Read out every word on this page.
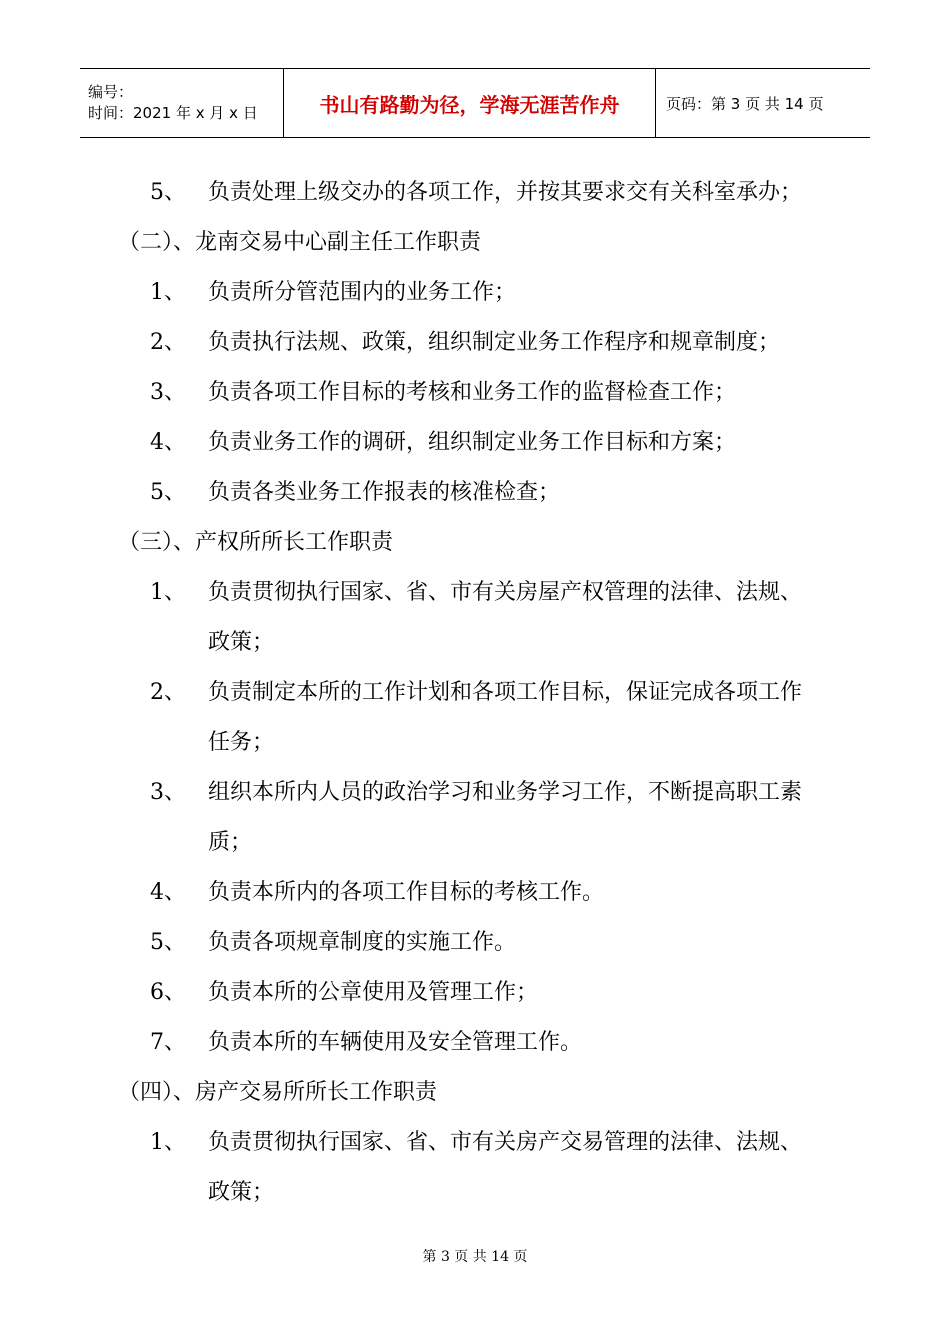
编号：
时间：2021 年 x 月 x 日	书山有路勤为径，学海无涯苦作舟	页码：第 3 页 共 14 页
5、 负责处理上级交办的各项工作，并按其要求交有关科室承办；
（二）、龙南交易中心副主任工作职责
1、 负责所分管范围内的业务工作；
2、 负责执行法规、政策，组织制定业务工作程序和规章制度；
3、 负责各项工作目标的考核和业务工作的监督检查工作；
4、 负责业务工作的调研，组织制定业务工作目标和方案；
5、 负责各类业务工作报表的核准检查；
（三）、产权所所长工作职责
1、 负责贯彻执行国家、省、市有关房屋产权管理的法律、法规、
政策；
2、 负责制定本所的工作计划和各项工作目标，保证完成各项工作
任务；
3、 组织本所内人员的政治学习和业务学习工作，不断提高职工素
质；
4、 负责本所内的各项工作目标的考核工作。
5、 负责各项规章制度的实施工作。
6、 负责本所的公章使用及管理工作；
7、 负责本所的车辆使用及安全管理工作。
（四）、房产交易所所长工作职责
1、 负责贯彻执行国家、省、市有关房产交易管理的法律、法规、
政策；
第 3 页 共 14 页
